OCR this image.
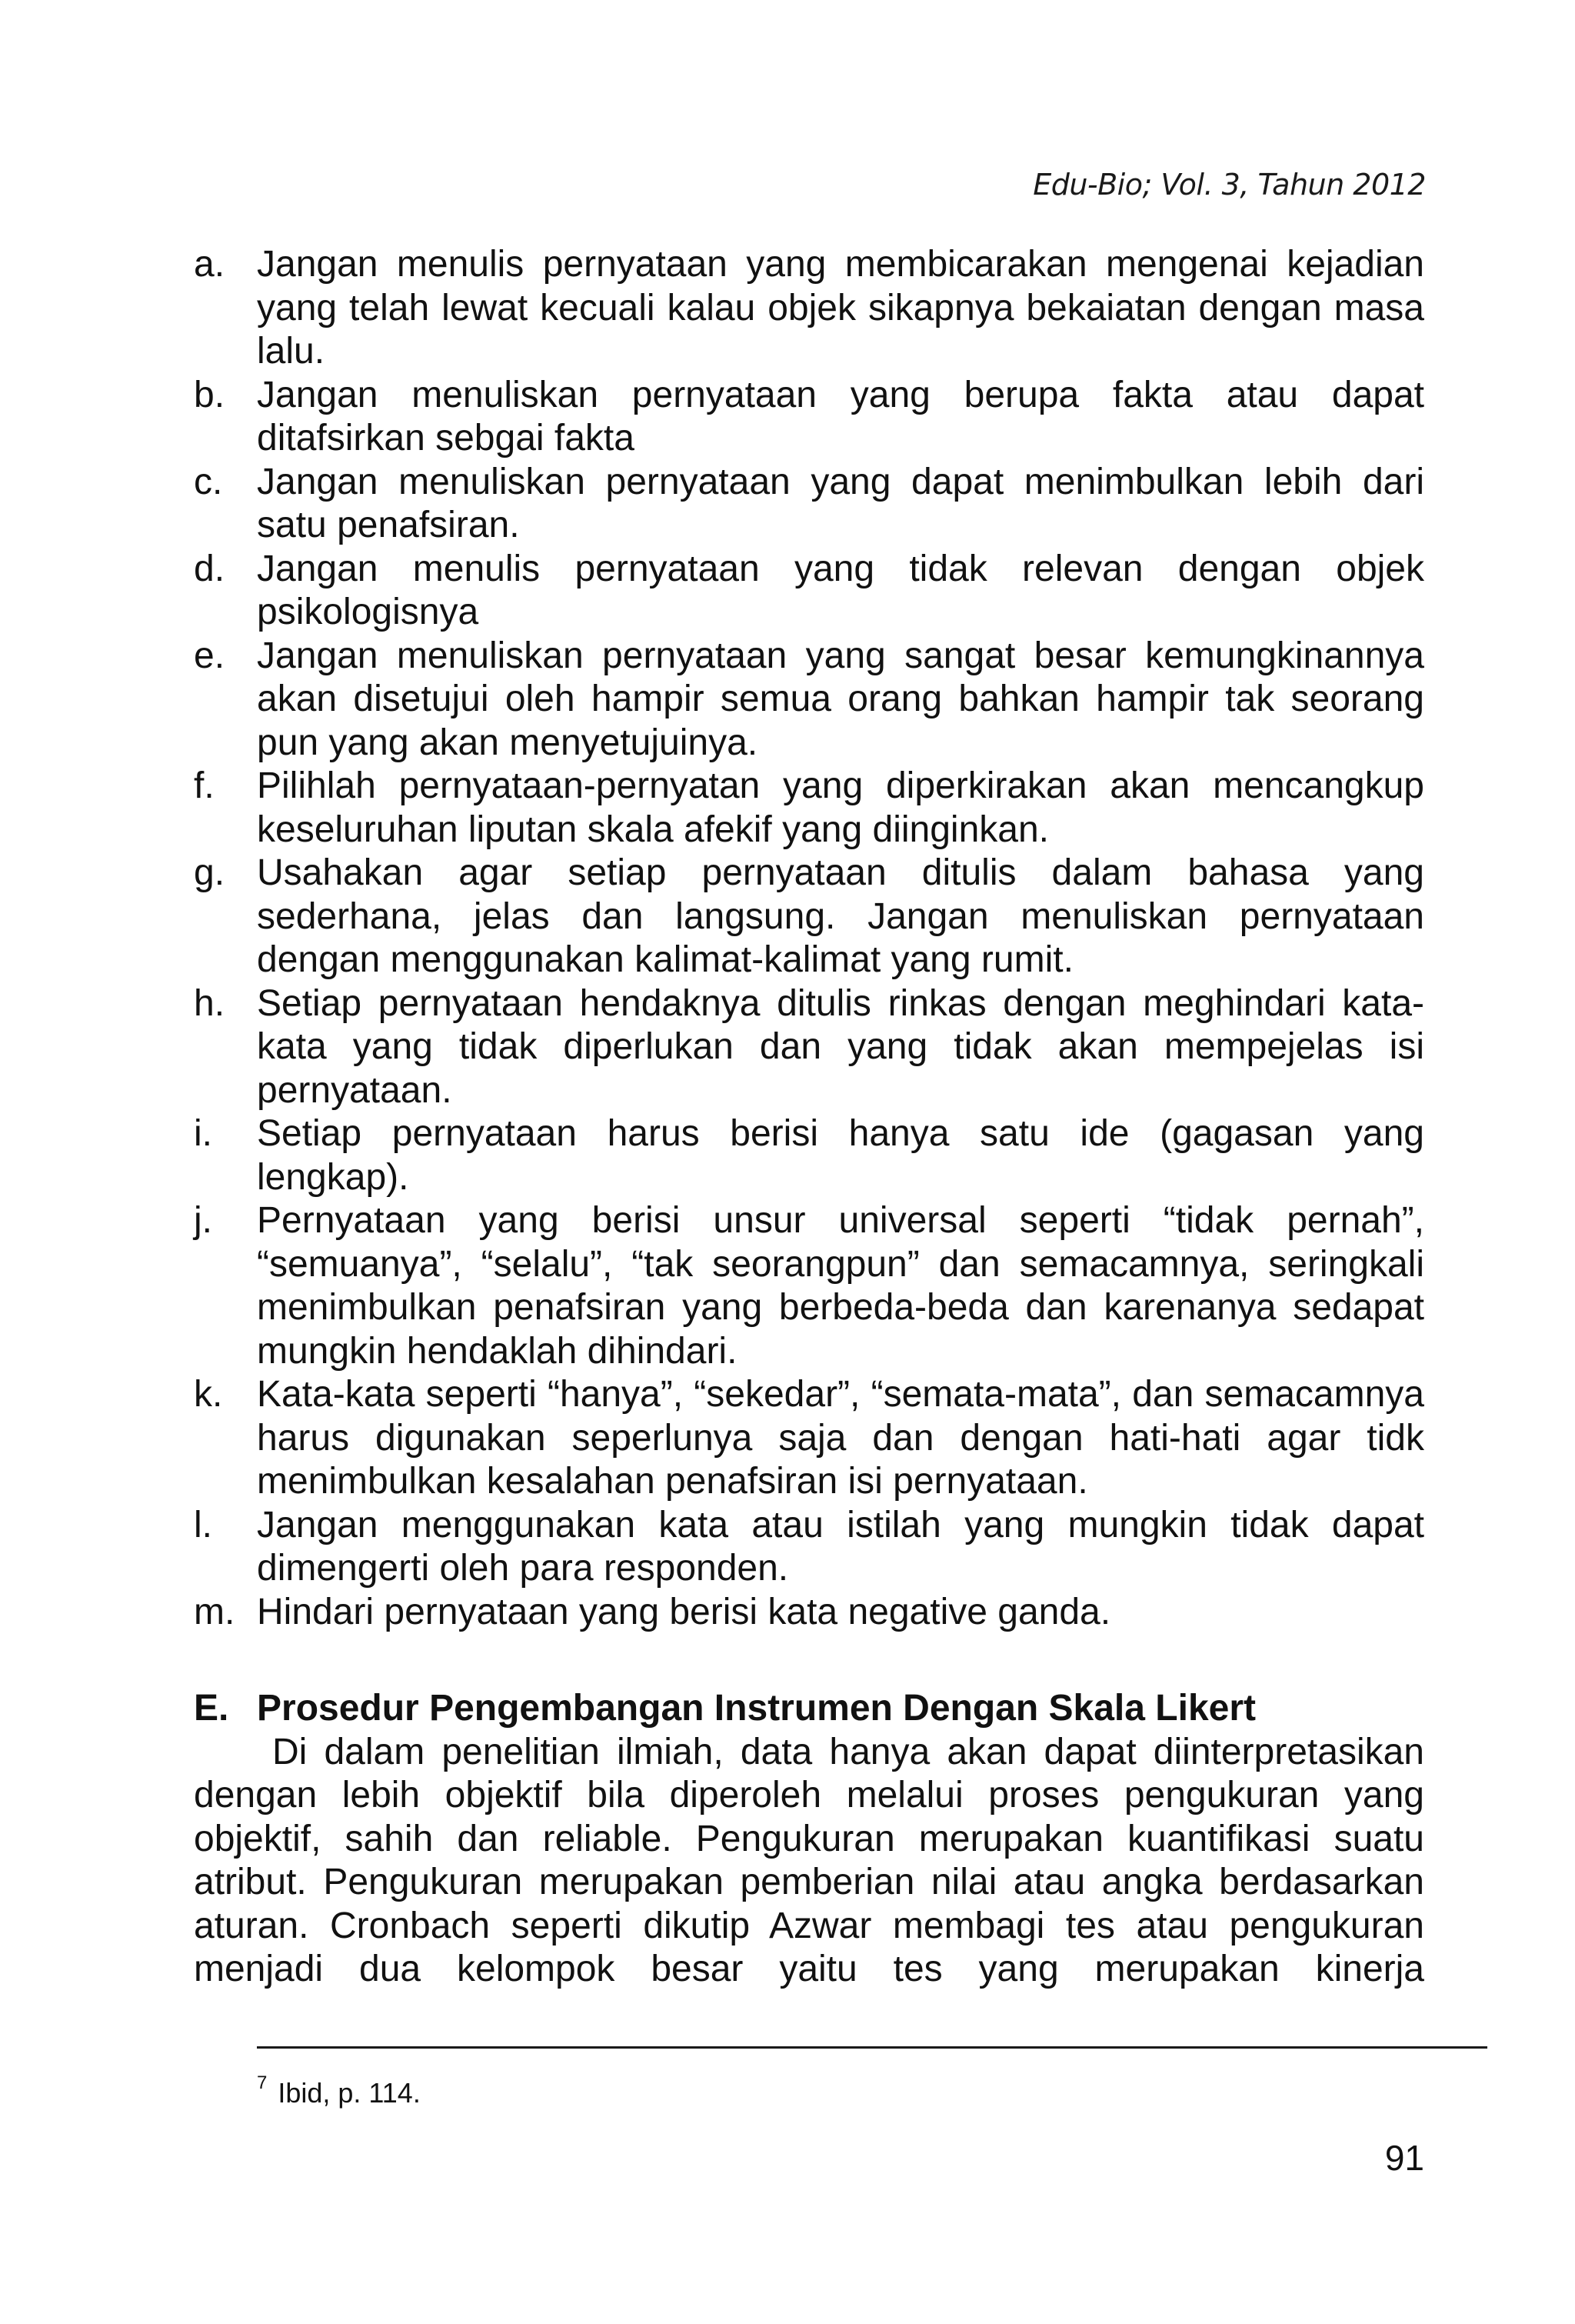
Edu-Bio; Vol. 3, Tahun 2012
a. Jangan menulis pernyataan yang membicarakan mengenai kejadian yang telah lewat kecuali kalau objek sikapnya bekaiatan dengan masa lalu.
b. Jangan menuliskan pernyataan yang berupa fakta atau dapat ditafsirkan sebgai fakta
c. Jangan menuliskan pernyataan yang dapat menimbulkan lebih dari satu penafsiran.
d. Jangan menulis pernyataan yang tidak relevan dengan objek psikologisnya
e. Jangan menuliskan pernyataan yang sangat besar kemungkinannya akan disetujui oleh hampir semua orang bahkan hampir tak seorang pun yang akan menyetujuinya.
f. Pilihlah pernyataan-pernyatan yang diperkirakan akan mencangkup keseluruhan liputan skala afekif yang diinginkan.
g. Usahakan agar setiap pernyataan ditulis dalam bahasa yang sederhana, jelas dan langsung. Jangan menuliskan pernyataan dengan menggunakan kalimat-kalimat yang rumit.
h. Setiap pernyataan hendaknya ditulis rinkas dengan meghindari kata-kata yang tidak diperlukan dan yang tidak akan mempejelas isi pernyataan.
i. Setiap pernyataan harus berisi hanya satu ide (gagasan yang lengkap).
j. Pernyataan yang berisi unsur universal seperti “tidak pernah”, “semuanya”, “selalu”, “tak seorangpun” dan semacamnya, seringkali menimbulkan penafsiran yang berbeda-beda dan karenanya sedapat mungkin hendaklah dihindari.
k. Kata-kata seperti “hanya”, “sekedar”, “semata-mata”, dan semacamnya harus digunakan seperlunya saja dan dengan hati-hati agar tidk menimbulkan kesalahan penafsiran isi pernyataan.
l. Jangan menggunakan kata atau istilah yang mungkin tidak dapat dimengerti oleh para responden.
m. Hindari pernyataan yang berisi kata negative ganda.
E. Prosedur Pengembangan Instrumen Dengan Skala Likert

Di dalam penelitian ilmiah, data hanya akan dapat diinterpretasikan dengan lebih objektif bila diperoleh melalui proses pengukuran yang objektif, sahih dan reliable. Pengukuran merupakan kuantifikasi suatu atribut. Pengukuran merupakan pemberian nilai atau angka berdasarkan aturan. Cronbach seperti dikutip Azwar membagi tes atau pengukuran menjadi dua kelompok besar yaitu tes yang merupakan kinerja

$^7$ Ibid, p. 114.
91
